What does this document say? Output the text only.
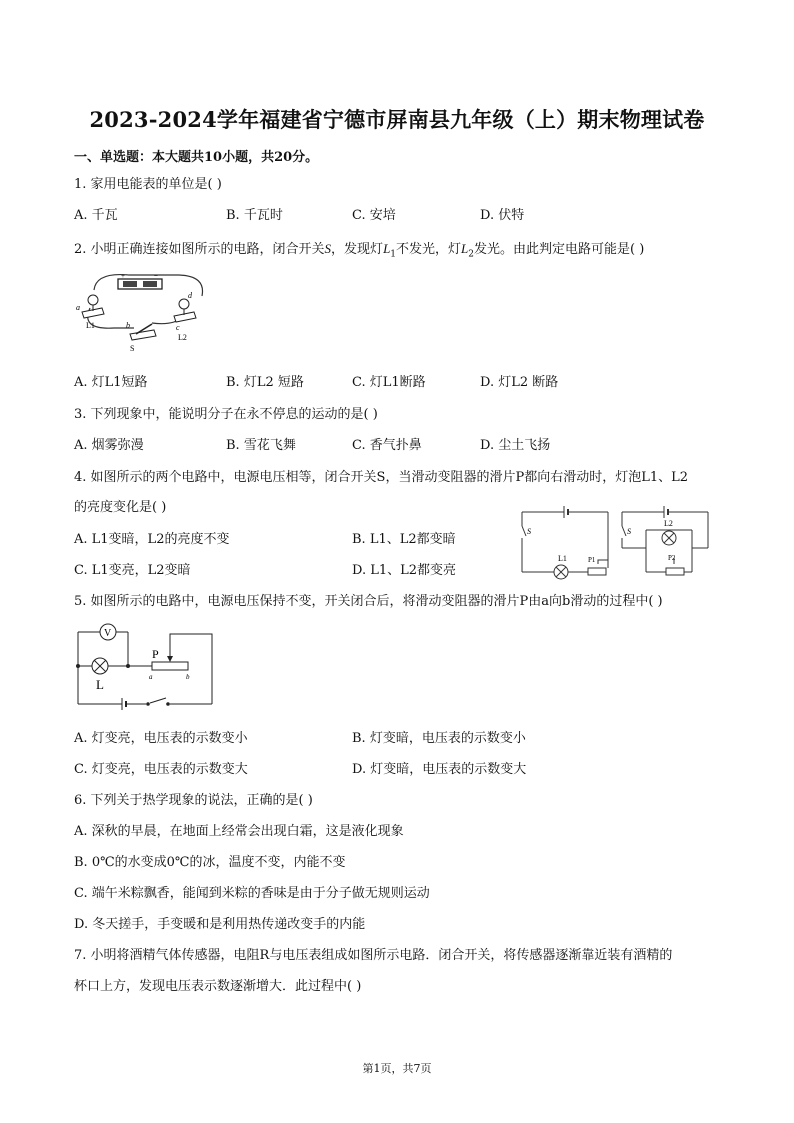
2023-2024学年福建省宁德市屏南县九年级（上）期末物理试卷
一、单选题：本大题共10小题，共20分。
1. 家用电能表的单位是( )
A. 千瓦	B. 千瓦时	C. 安培	D. 伏特
2. 小明正确连接如图所示的电路，闭合开关S，发现灯$L_1$不发光，灯$L_2$发光。由此判定电路可能是( )
+	−
a
L1
d
c
L2
b
S
A. 灯L1短路	B. 灯L2 短路	C. 灯L1断路	D. 灯L2 断路
3. 下列现象中，能说明分子在永不停息的运动的是( )
A. 烟雾弥漫	B. 雪花飞舞	C. 香气扑鼻	D. 尘土飞扬
4. 如图所示的两个电路中，电源电压相等，闭合开关S，当滑动变阻器的滑片P都向右滑动时，灯泡L1、L2
的亮度变化是( )
A. L1变暗，L2的亮度不变	B. L1、L2都变暗
C. L1变亮，L2变暗	D. L1、L2都变亮
S
L1	P1
S
L2
P2
5. 如图所示的电路中，电源电压保持不变，开关闭合后，将滑动变阻器的滑片P由a向b滑动的过程中( )
V
L	a	b
P
A. 灯变亮，电压表的示数变小	B. 灯变暗，电压表的示数变小
C. 灯变亮，电压表的示数变大	D. 灯变暗，电压表的示数变大
6. 下列关于热学现象的说法，正确的是( )
A. 深秋的早晨，在地面上经常会出现白霜，这是液化现象
B. 0℃的水变成0℃的冰，温度不变，内能不变
C. 端午米粽飘香，能闻到米粽的香味是由于分子做无规则运动
D. 冬天搓手，手变暖和是利用热传递改变手的内能
7. 小明将酒精气体传感器，电阻R与电压表组成如图所示电路．闭合开关，将传感器逐渐靠近装有酒精的
杯口上方，发现电压表示数逐渐增大．此过程中( )
第1页，共7页
